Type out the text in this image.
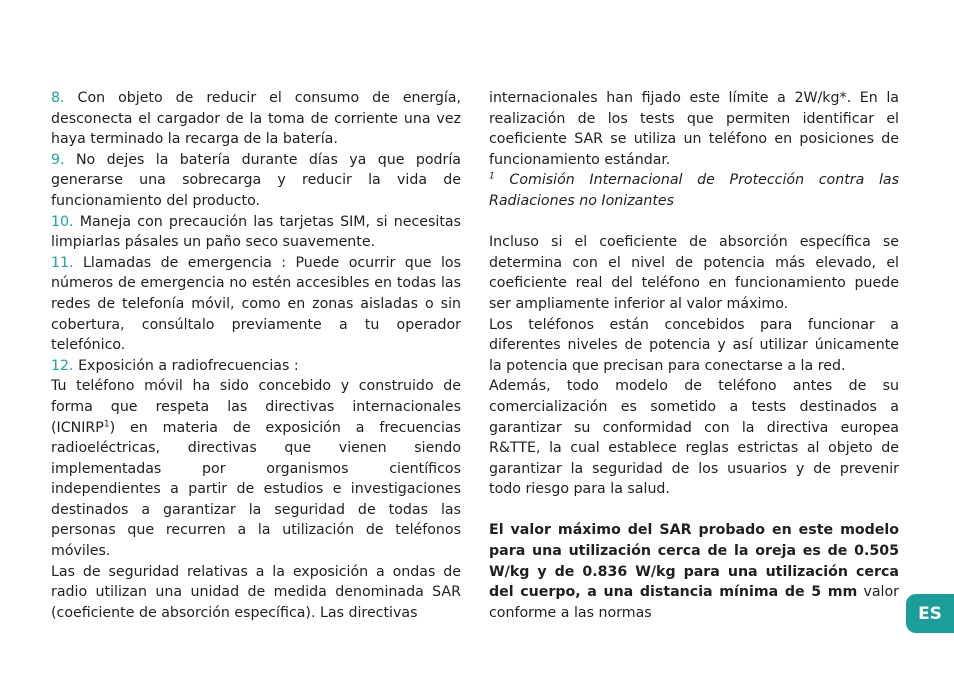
8. Con objeto de reducir el consumo de energía, desconecta el cargador de la toma de corriente una vez haya terminado la recarga de la batería.

9. No dejes la batería durante días ya que podría generarse una sobrecarga y reducir la vida de funcionamiento del producto.

10. Maneja con precaución las tarjetas SIM, si necesitas limpiarlas pásales un paño seco suavemente.

11. Llamadas de emergencia : Puede ocurrir que los números de emergencia no estén accesibles en todas las redes de telefonía móvil, como en zonas aisladas o sin cobertura, consúltalo previamente a tu operador telefónico.

12. Exposición a radiofrecuencias :

Tu teléfono móvil ha sido concebido y construido de forma que respeta las directivas internacionales (ICNIRP$^1$) en materia de exposición a frecuencias radioeléctricas, directivas que vienen siendo implementadas por organismos científicos independientes a partir de estudios e investigaciones destinados a garantizar la seguridad de todas las personas que recurren a la utilización de teléfonos móviles.

Las de seguridad relativas a la exposición a ondas de radio utilizan una unidad de medida denominada SAR (coeficiente de absorción específica). Las directivas

internacionales han fijado este límite a 2W/kg*. En la realización de los tests que permiten identificar el coeficiente SAR se utiliza un teléfono en posiciones de funcionamiento estándar.

$^1$ Comisión Internacional de Protección contra las Radiaciones no Ionizantes

Incluso si el coeficiente de absorción específica se determina con el nivel de potencia más elevado, el coeficiente real del teléfono en funcionamiento puede ser ampliamente inferior al valor máximo.

Los teléfonos están concebidos para funcionar a diferentes niveles de potencia y así utilizar únicamente la potencia que precisan para conectarse a la red.

Además, todo modelo de teléfono antes de su comercialización es sometido a tests destinados a garantizar su conformidad con la directiva europea R&TTE, la cual establece reglas estrictas al objeto de garantizar la seguridad de los usuarios y de prevenir todo riesgo para la salud.

El valor máximo del SAR probado en este modelo para una utilización cerca de la oreja es de 0.505 W/kg y de 0.836 W/kg para una utilización cerca del cuerpo, a una distancia mínima de 5 mm valor conforme a las normas	ES
